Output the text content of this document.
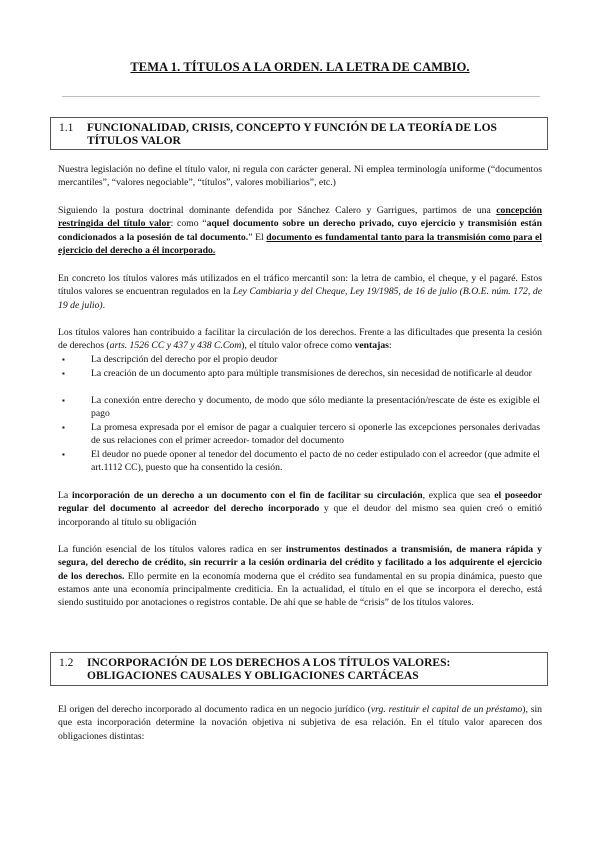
TEMA 1. TÍTULOS A LA ORDEN. LA LETRA DE CAMBIO.
1.1 FUNCIONALIDAD, CRISIS, CONCEPTO Y FUNCIÓN DE LA TEORÍA DE LOS TÍTULOS VALOR
Nuestra legislación no define el título valor, ni regula con carácter general. Ni emplea terminología uniforme (“documentos mercantiles”, “valores negociable”, “títulos”, valores mobiliarios”, etc.)
Siguiendo la postura doctrinal dominante defendida por Sánchez Calero y Garrigues, partimos de una concepción restringida del título valor: como “aquel documento sobre un derecho privado, cuyo ejercicio y transmisión están condicionados a la posesión de tal documento.” El documento es fundamental tanto para la transmisión como para el ejercicio del derecho a él incorporado.
En concreto los títulos valores más utilizados en el tráfico mercantil son: la letra de cambio, el cheque, y el pagaré. Estos títulos valores se encuentran regulados en la Ley Cambiaria y del Cheque, Ley 19/1985, de 16 de julio (B.O.E. núm. 172, de 19 de julio).
Los títulos valores han contribuido a facilitar la circulación de los derechos. Frente a las dificultades que presenta la cesión de derechos (arts. 1526 CC y 437 y 438 C.Com), el título valor ofrece como ventajas:
▪	La descripción del derecho por el propio deudor
▪	La creación de un documento apto para múltiple transmisiones de derechos, sin necesidad de notificarle al deudor
▪	La conexión entre derecho y documento, de modo que sólo mediante la presentación/rescate de éste es exigible el pago
▪	La promesa expresada por el emisor de pagar a cualquier tercero si oponerle las excepciones personales derivadas de sus relaciones con el primer acreedor- tomador del documento
▪	El deudor no puede oponer al tenedor del documento el pacto de no ceder estipulado con el acreedor (que admite el art.1112 CC), puesto que ha consentido la cesión.
La incorporación de un derecho a un documento con el fin de facilitar su circulación, explica que sea el poseedor regular del documento al acreedor del derecho incorporado y que el deudor del mismo sea quien creó o emitió incorporando al título su obligación
La función esencial de los títulos valores radica en ser instrumentos destinados a transmisión, de manera rápida y segura, del derecho de crédito, sin recurrir a la cesión ordinaria del crédito y facilitado a los adquirente el ejercicio de los derechos. Ello permite en la economía moderna que el crédito sea fundamental en su propia dinámica, puesto que estamos ante una economía principalmente crediticia. En la actualidad, el título en el que se incorpora el derecho, está siendo sustituido por anotaciones o registros contable. De ahí que se hable de “crisis” de los títulos valores.
1.2 INCORPORACIÓN DE LOS DERECHOS A LOS TÍTULOS VALORES: OBLIGACIONES CAUSALES Y OBLIGACIONES CARTÁCEAS
El origen del derecho incorporado al documento radica en un negocio jurídico (vrg. restituir el capital de un préstamo), sin que esta incorporación determine la novación objetiva ni subjetiva de esa relación. En el título valor aparecen dos obligaciones distintas:
